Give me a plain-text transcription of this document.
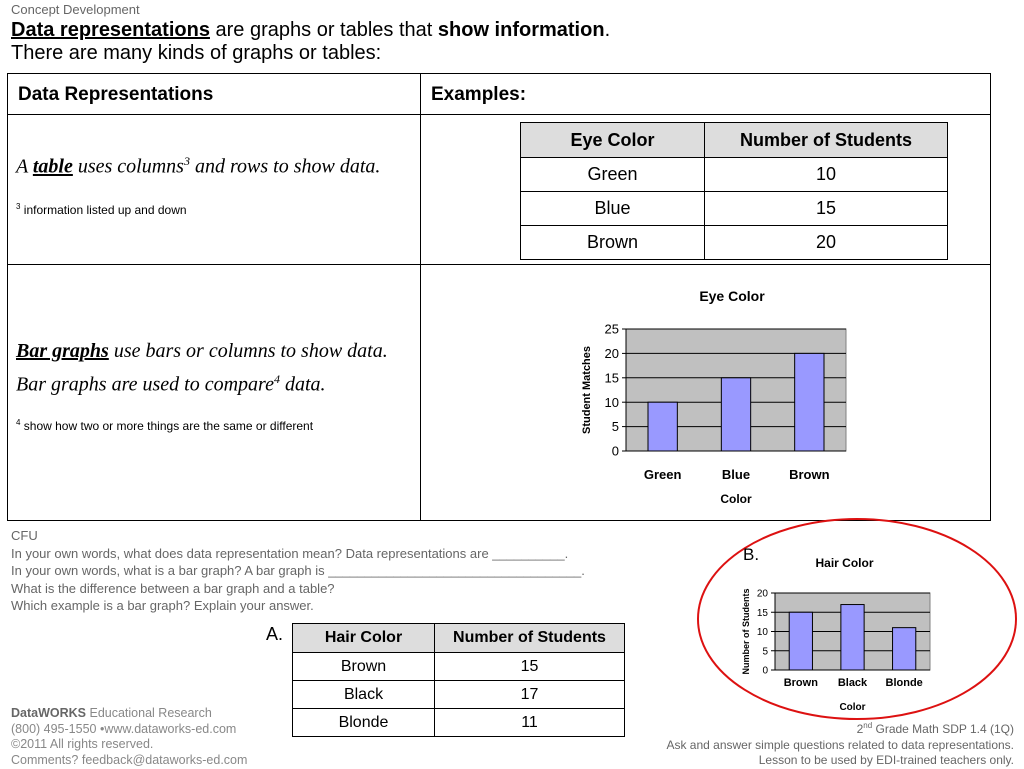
Concept Development
Data representations are graphs or tables that show information.
There are many kinds of graphs or tables:
Data Representations	Examples:
A table uses columns$^3$ and rows to show data.
$^3$ information listed up and down
Bar graphs use bars or columns to show data. Bar graphs are used to compare$^4$ data.
$^4$ show how two or more things are the same or different
Eye Color	Number of Students
Green	10
Blue	15
Brown	20
Eye Color
0
5
10
15
20
25
Green	Blue	Brown
Color
Student Matches
CFU
In your own words, what does data representation mean? Data representations are __________.
In your own words, what is a bar graph? A bar graph is ___________________________________.
What is the difference between a bar graph and a table?
Which example is a bar graph? Explain your answer.
A.	Hair Color	Number of Students
Brown	15
Black	17
Blonde	11
B.	Hair Color
0
5
10
15
20
Brown Black Blonde
Color
Number of Students
DataWORKS Educational Research
(800) 495-1550 •www.dataworks-ed.com
©2011 All rights reserved.
Comments? feedback@dataworks-ed.com
2nd Grade Math SDP 1.4 (1Q)
Ask and answer simple questions related to data representations.
Lesson to be used by EDI-trained teachers only.
